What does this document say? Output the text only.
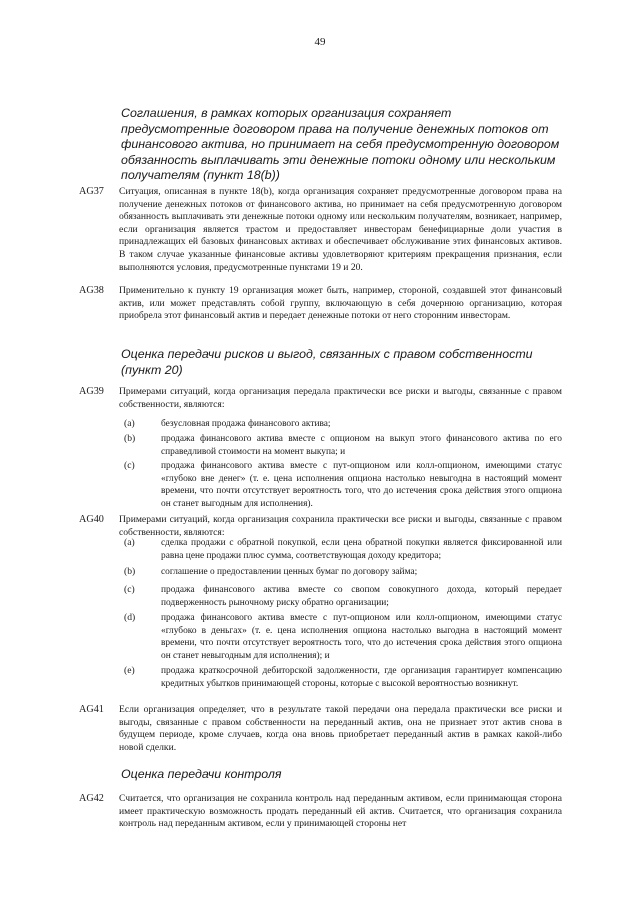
49
Соглашения, в рамках которых организация сохраняет предусмотренные договором права на получение денежных потоков от финансового актива, но принимает на себя предусмотренную договором обязанность выплачивать эти денежные потоки одному или нескольким получателям (пункт 18(b))
AG37 Ситуация, описанная в пункте 18(b), когда организация сохраняет предусмотренные договором права на получение денежных потоков от финансового актива, но принимает на себя предусмотренную договором обязанность выплачивать эти денежные потоки одному или нескольким получателям, возникает, например, если организация является трастом и предоставляет инвесторам бенефициарные доли участия в принадлежащих ей базовых финансовых активах и обеспечивает обслуживание этих финансовых активов. В таком случае указанные финансовые активы удовлетворяют критериям прекращения признания, если выполняются условия, предусмотренные пунктами 19 и 20.
AG38 Применительно к пункту 19 организация может быть, например, стороной, создавшей этот финансовый актив, или может представлять собой группу, включающую в себя дочернюю организацию, которая приобрела этот финансовый актив и передает денежные потоки от него сторонним инвесторам.
Оценка передачи рисков и выгод, связанных с правом собственности (пункт 20)
AG39 Примерами ситуаций, когда организация передала практически все риски и выгоды, связанные с правом собственности, являются:
(a)	безусловная продажа финансового актива;
(b)	продажа финансового актива вместе с опционом на выкуп этого финансового актива по его справедливой стоимости на момент выкупа; и
(c)	продажа финансового актива вместе с пут-опционом или колл-опционом, имеющими статус «глубоко вне денег» (т. е. цена исполнения опциона настолько невыгодна в настоящий момент времени, что почти отсутствует вероятность того, что до истечения срока действия этого опциона он станет выгодным для исполнения).
AG40 Примерами ситуаций, когда организация сохранила практически все риски и выгоды, связанные с правом собственности, являются:
(a)	сделка продажи с обратной покупкой, если цена обратной покупки является фиксированной или равна цене продажи плюс сумма, соответствующая доходу кредитора;
(b)	соглашение о предоставлении ценных бумаг по договору займа;
(c)	продажа финансового актива вместе со свопом совокупного дохода, который передает подверженность рыночному риску обратно организации;
(d)	продажа финансового актива вместе с пут-опционом или колл-опционом, имеющими статус «глубоко в деньгах» (т. е. цена исполнения опциона настолько выгодна в настоящий момент времени, что почти отсутствует вероятность того, что до истечения срока действия этого опциона он станет невыгодным для исполнения); и
(e)	продажа краткосрочной дебиторской задолженности, где организация гарантирует компенсацию кредитных убытков принимающей стороны, которые с высокой вероятностью возникнут.
AG41 Если организация определяет, что в результате такой передачи она передала практически все риски и выгоды, связанные с правом собственности на переданный актив, она не признает этот актив снова в будущем периоде, кроме случаев, когда она вновь приобретает переданный актив в рамках какой-либо новой сделки.
Оценка передачи контроля
AG42 Считается, что организация не сохранила контроль над переданным активом, если принимающая сторона имеет практическую возможность продать переданный ей актив. Считается, что организация сохранила контроль над переданным активом, если у принимающей стороны нет
